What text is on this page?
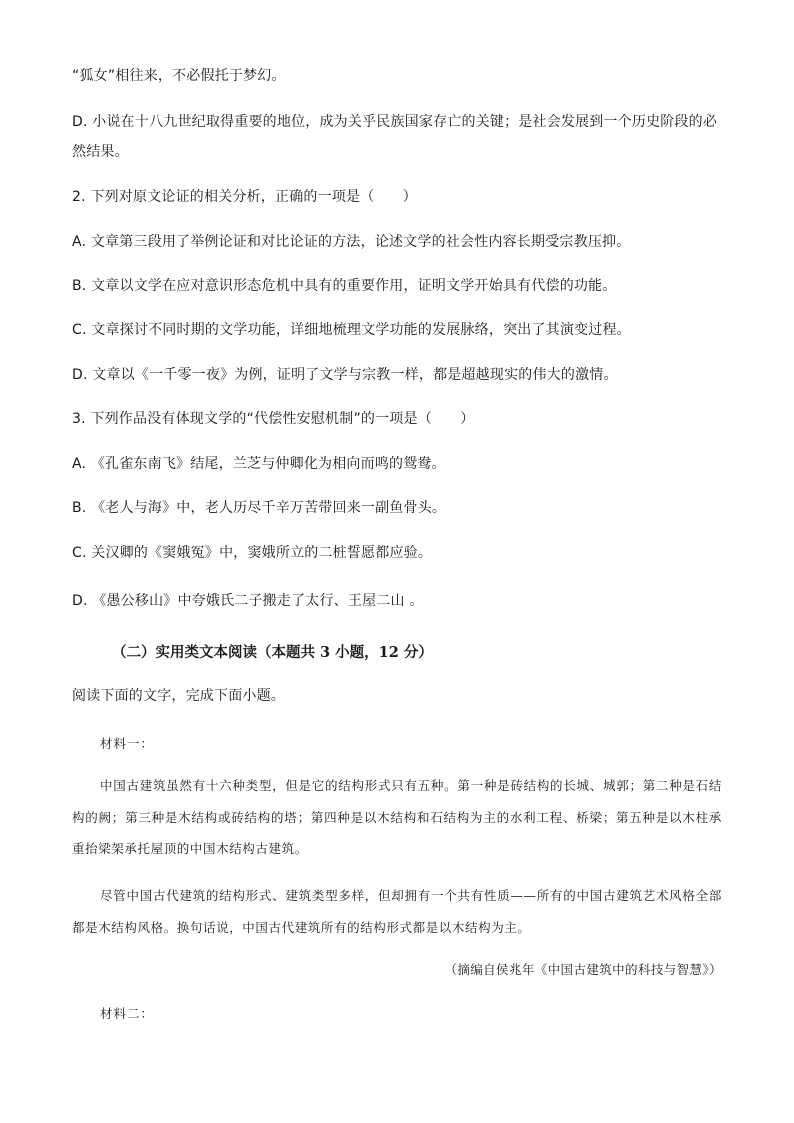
“狐女”相往来，不必假托于梦幻。
D. 小说在十八九世纪取得重要的地位，成为关乎民族国家存亡的关键；是社会发展到一个历史阶段的必
然结果。
2. 下列对原文论证的相关分析，正确的一项是（　　）
A. 文章第三段用了举例论证和对比论证的方法，论述文学的社会性内容长期受宗教压抑。
B. 文章以文学在应对意识形态危机中具有的重要作用，证明文学开始具有代偿的功能。
C. 文章探讨不同时期的文学功能，详细地梳理文学功能的发展脉络，突出了其演变过程。
D. 文章以《一千零一夜》为例，证明了文学与宗教一样，都是超越现实的伟大的激情。
3. 下列作品没有体现文学的“代偿性安慰机制”的一项是（　　）
A. 《孔雀东南飞》结尾，兰芝与仲卿化为相向而鸣的鸳鸯。
B. 《老人与海》中，老人历尽千辛万苦带回来一副鱼骨头。
C. 关汉卿的《窦娥冤》中，窦娥所立的二桩誓愿都应验。
D. 《愚公移山》中夸娥氏二子搬走了太行、王屋二山 。
（二）实用类文本阅读（本题共 3 小题，12 分）
阅读下面的文字，完成下面小题。
材料一：
中国古建筑虽然有十六种类型，但是它的结构形式只有五种。第一种是砖结构的长城、城郭；第二种是石结构的阙；第三种是木结构或砖结构的塔；第四种是以木结构和石结构为主的水利工程、桥梁；第五种是以木柱承重抬梁架承托屋顶的中国木结构古建筑。
尽管中国古代建筑的结构形式、建筑类型多样，但却拥有一个共有性质——所有的中国古建筑艺术风格全部都是木结构风格。换句话说，中国古代建筑所有的结构形式都是以木结构为主。
（摘编自侯兆年《中国古建筑中的科技与智慧》）
材料二：
